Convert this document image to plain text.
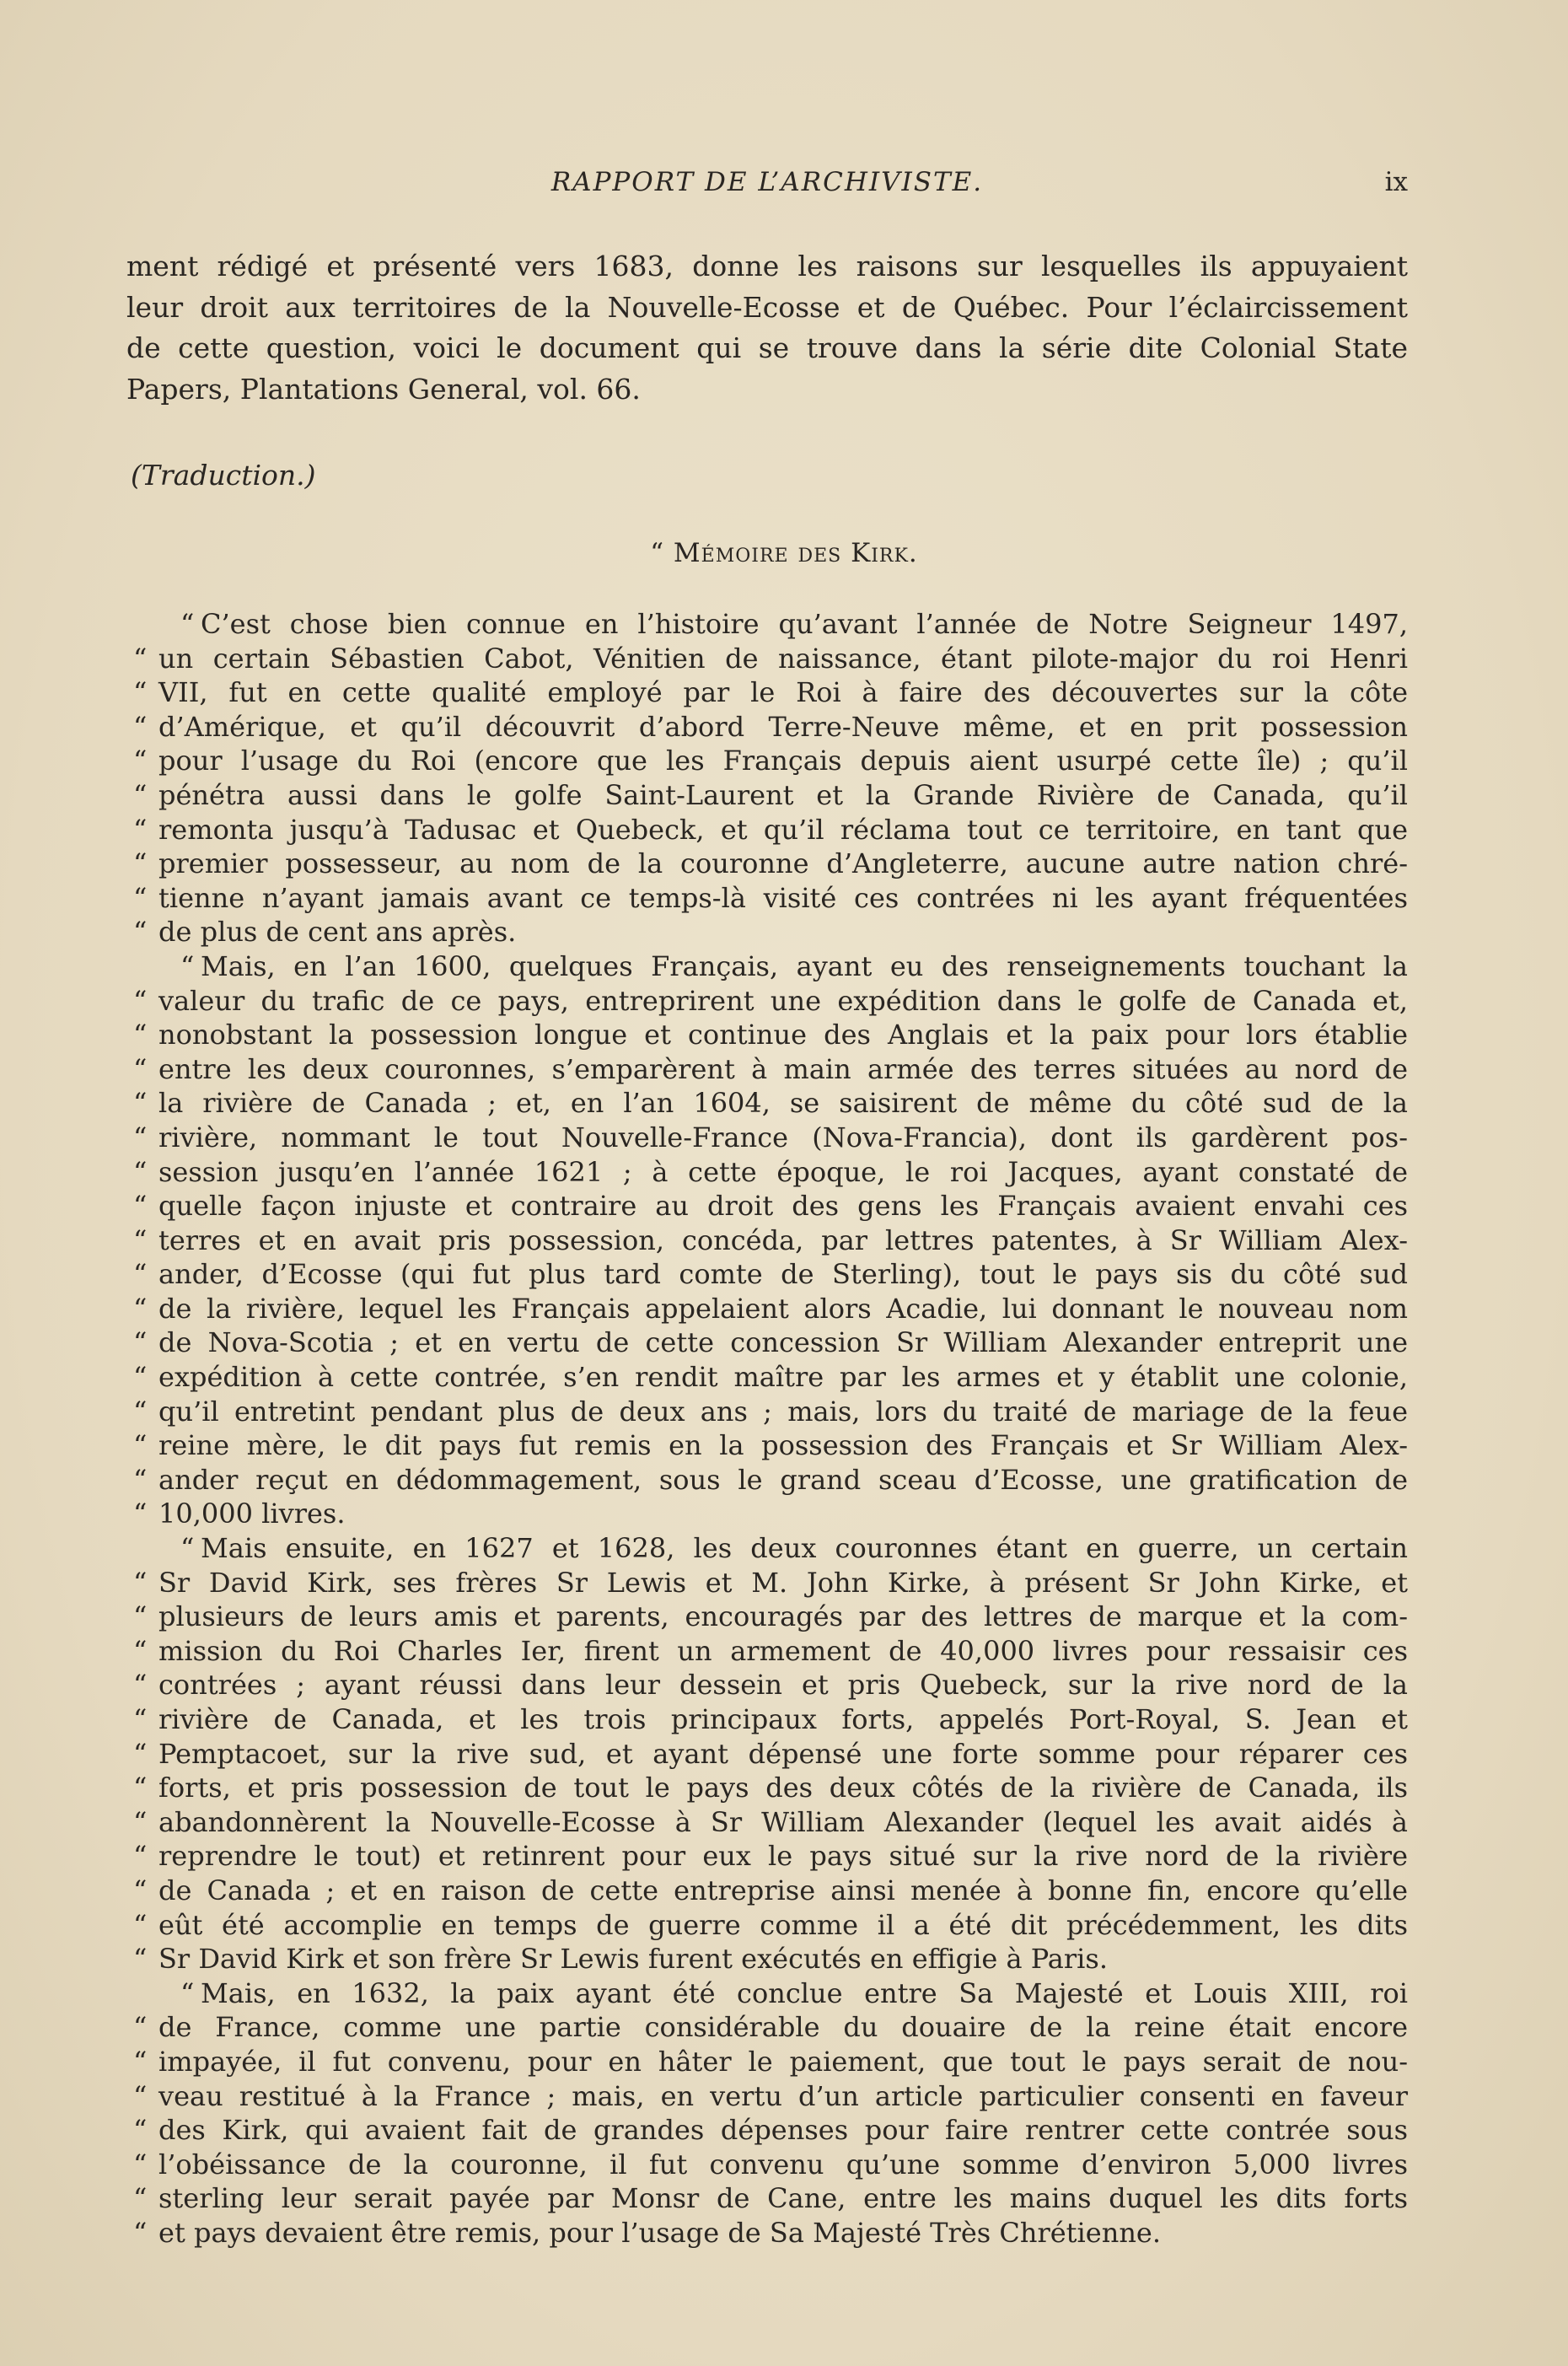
RAPPORT DE L’ARCHIVISTE.	ix
ment rédigé et présenté vers 1683, donne les raisons sur lesquelles ils appuyaient
leur droit aux territoires de la Nouvelle-Ecosse et de Québec. Pour l’éclaircissement
de cette question, voici le document qui se trouve dans la série dite Colonial State
Papers, Plantations General, vol. 66.
(Traduction.)
“ Mémoire des Kirk.
“ C’est chose bien connue en l’histoire qu’avant l’année de Notre Seigneur 1497,
“ un certain Sébastien Cabot, Vénitien de naissance, étant pilote-major du roi Henri
“ VII, fut en cette qualité employé par le Roi à faire des découvertes sur la côte
“ d’Amérique, et qu’il découvrit d’abord Terre-Neuve même, et en prit possession
“ pour l’usage du Roi (encore que les Français depuis aient usurpé cette île) ; qu’il
“ pénétra aussi dans le golfe Saint-Laurent et la Grande Rivière de Canada, qu’il
“ remonta jusqu’à Tadusac et Quebeck, et qu’il réclama tout ce territoire, en tant que
“ premier possesseur, au nom de la couronne d’Angleterre, aucune autre nation chré-
“ tienne n’ayant jamais avant ce temps-là visité ces contrées ni les ayant fréquentées
“ de plus de cent ans après.
“ Mais, en l’an 1600, quelques Français, ayant eu des renseignements touchant la
“ valeur du trafic de ce pays, entreprirent une expédition dans le golfe de Canada et,
“ nonobstant la possession longue et continue des Anglais et la paix pour lors établie
“ entre les deux couronnes, s’emparèrent à main armée des terres situées au nord de
“ la rivière de Canada ; et, en l’an 1604, se saisirent de même du côté sud de la
“ rivière, nommant le tout Nouvelle-France (Nova-Francia), dont ils gardèrent pos-
“ session jusqu’en l’année 1621 ; à cette époque, le roi Jacques, ayant constaté de
“ quelle façon injuste et contraire au droit des gens les Français avaient envahi ces
“ terres et en avait pris possession, concéda, par lettres patentes, à Sr William Alex-
“ ander, d’Ecosse (qui fut plus tard comte de Sterling), tout le pays sis du côté sud
“ de la rivière, lequel les Français appelaient alors Acadie, lui donnant le nouveau nom
“ de Nova-Scotia ; et en vertu de cette concession Sr William Alexander entreprit une
“ expédition à cette contrée, s’en rendit maître par les armes et y établit une colonie,
“ qu’il entretint pendant plus de deux ans ; mais, lors du traité de mariage de la feue
“ reine mère, le dit pays fut remis en la possession des Français et Sr William Alex-
“ ander reçut en dédommagement, sous le grand sceau d’Ecosse, une gratification de
“ 10,000 livres.
“ Mais ensuite, en 1627 et 1628, les deux couronnes étant en guerre, un certain
“ Sr David Kirk, ses frères Sr Lewis et M. John Kirke, à présent Sr John Kirke, et
“ plusieurs de leurs amis et parents, encouragés par des lettres de marque et la com-
“ mission du Roi Charles Ier, firent un armement de 40,000 livres pour ressaisir ces
“ contrées ; ayant réussi dans leur dessein et pris Quebeck, sur la rive nord de la
“ rivière de Canada, et les trois principaux forts, appelés Port-Royal, S. Jean et
“ Pemptacoet, sur la rive sud, et ayant dépensé une forte somme pour réparer ces
“ forts, et pris possession de tout le pays des deux côtés de la rivière de Canada, ils
“ abandonnèrent la Nouvelle-Ecosse à Sr William Alexander (lequel les avait aidés à
“ reprendre le tout) et retinrent pour eux le pays situé sur la rive nord de la rivière
“ de Canada ; et en raison de cette entreprise ainsi menée à bonne fin, encore qu’elle
“ eût été accomplie en temps de guerre comme il a été dit précédemment, les dits
“ Sr David Kirk et son frère Sr Lewis furent exécutés en effigie à Paris.
“ Mais, en 1632, la paix ayant été conclue entre Sa Majesté et Louis XIII, roi
“ de France, comme une partie considérable du douaire de la reine était encore
“ impayée, il fut convenu, pour en hâter le paiement, que tout le pays serait de nou-
“ veau restitué à la France ; mais, en vertu d’un article particulier consenti en faveur
“ des Kirk, qui avaient fait de grandes dépenses pour faire rentrer cette contrée sous
“ l’obéissance de la couronne, il fut convenu qu’une somme d’environ 5,000 livres
“ sterling leur serait payée par Monsr de Cane, entre les mains duquel les dits forts
“ et pays devaient être remis, pour l’usage de Sa Majesté Très Chrétienne.
